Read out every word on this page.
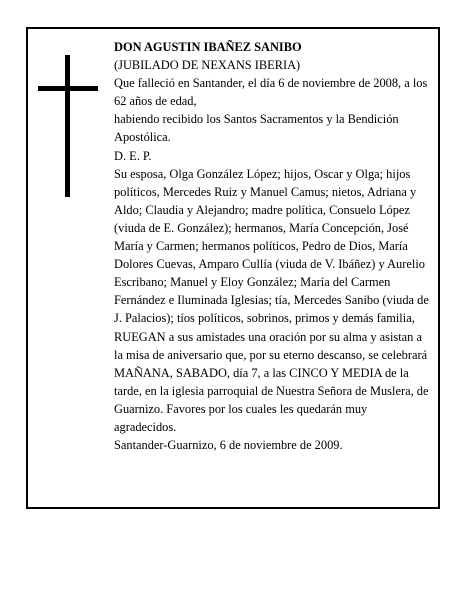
DON AGUSTIN IBAÑEZ SANIBO

(JUBILADO DE NEXANS IBERIA)

Que falleció en Santander, el día 6 de noviembre de 2008, a los 62 años de edad,

habiendo recibido los Santos Sacramentos y la Bendición Apostólica.

D. E. P.

Su esposa, Olga González López; hijos, Oscar y Olga; hijos políticos, Mercedes Ruiz y Manuel Camus; nietos, Adriana y Aldo; Claudia y Alejandro; madre política, Consuelo López (viuda de E. González); hermanos, María Concepción, José María y Carmen; hermanos políticos, Pedro de Dios, María Dolores Cuevas, Amparo Cullía (viuda de V. Ibáñez) y Aurelio Escribano; Manuel y Eloy González; María del Carmen Fernández e Iluminada Iglesias; tía, Mercedes Sanibo (viuda de J. Palacios); tíos políticos, sobrinos, primos y demás familia,

RUEGAN a sus amistades una oración por su alma y asistan a la misa de aniversario que, por su eterno descanso, se celebrará MAÑANA, SABADO, día 7, a las CINCO Y MEDIA de la tarde, en la iglesia parroquial de Nuestra Señora de Muslera, de Guarnizo. Favores por los cuales les quedarán muy agradecidos.

Santander-Guarnizo, 6 de noviembre de 2009.
